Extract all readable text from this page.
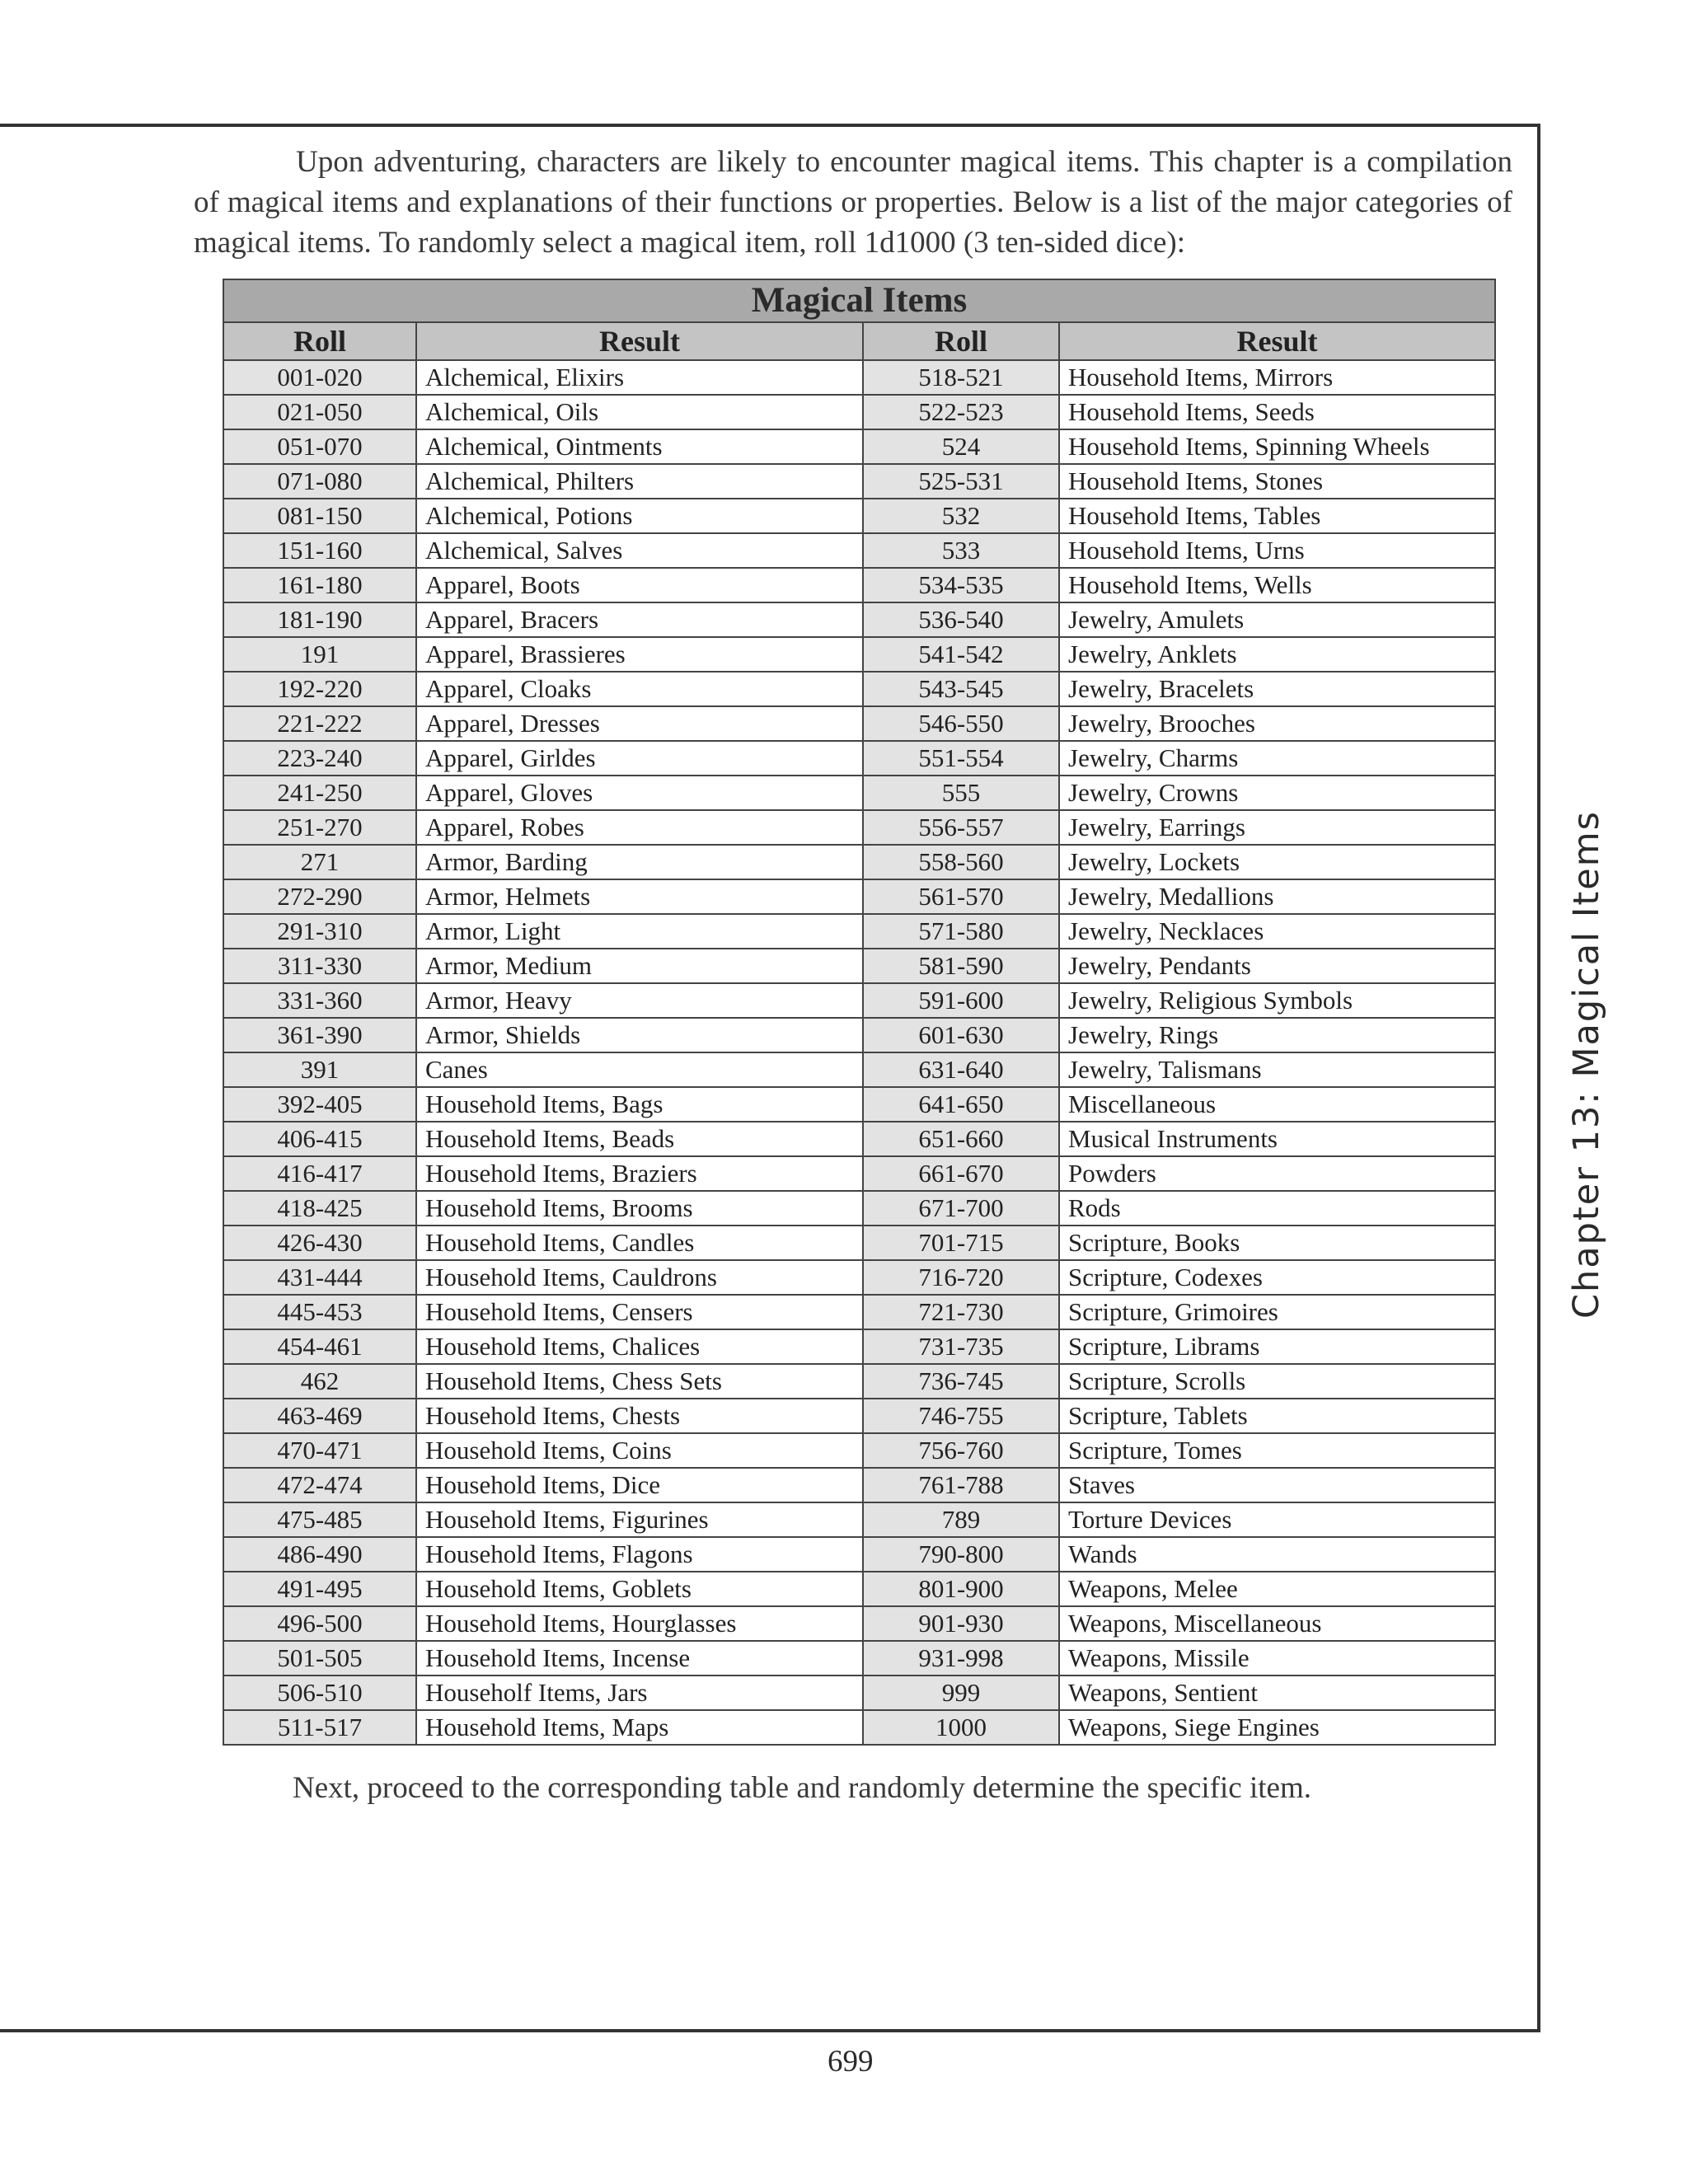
Upon adventuring, characters are likely to encounter magical items. This chapter is a compilation of magical items and explanations of their functions or properties. Below is a list of the major categories of magical items. To randomly select a magical item, roll 1d1000 (3 ten-sided dice):

Magical Items			
Roll	Result	Roll	Result
001-020	Alchemical, Elixirs	518-521	Household Items, Mirrors
021-050	Alchemical, Oils	522-523	Household Items, Seeds
051-070	Alchemical, Ointments	524	Household Items, Spinning Wheels
071-080	Alchemical, Philters	525-531	Household Items, Stones
081-150	Alchemical, Potions	532	Household Items, Tables
151-160	Alchemical, Salves	533	Household Items, Urns
161-180	Apparel, Boots	534-535	Household Items, Wells
181-190	Apparel, Bracers	536-540	Jewelry, Amulets
191	Apparel, Brassieres	541-542	Jewelry, Anklets
192-220	Apparel, Cloaks	543-545	Jewelry, Bracelets
221-222	Apparel, Dresses	546-550	Jewelry, Brooches
223-240	Apparel, Girldes	551-554	Jewelry, Charms
241-250	Apparel, Gloves	555	Jewelry, Crowns
251-270	Apparel, Robes	556-557	Jewelry, Earrings
271	Armor, Barding	558-560	Jewelry, Lockets
272-290	Armor, Helmets	561-570	Jewelry, Medallions
291-310	Armor, Light	571-580	Jewelry, Necklaces
311-330	Armor, Medium	581-590	Jewelry, Pendants
331-360	Armor, Heavy	591-600	Jewelry, Religious Symbols
361-390	Armor, Shields	601-630	Jewelry, Rings
391	Canes	631-640	Jewelry, Talismans
392-405	Household Items, Bags	641-650	Miscellaneous
406-415	Household Items, Beads	651-660	Musical Instruments
416-417	Household Items, Braziers	661-670	Powders
418-425	Household Items, Brooms	671-700	Rods
426-430	Household Items, Candles	701-715	Scripture, Books
431-444	Household Items, Cauldrons	716-720	Scripture, Codexes
445-453	Household Items, Censers	721-730	Scripture, Grimoires
454-461	Household Items, Chalices	731-735	Scripture, Librams
462	Household Items, Chess Sets	736-745	Scripture, Scrolls
463-469	Household Items, Chests	746-755	Scripture, Tablets
470-471	Household Items, Coins	756-760	Scripture, Tomes
472-474	Household Items, Dice	761-788	Staves
475-485	Household Items, Figurines	789	Torture Devices
486-490	Household Items, Flagons	790-800	Wands
491-495	Household Items, Goblets	801-900	Weapons, Melee
496-500	Household Items, Hourglasses	901-930	Weapons, Miscellaneous
501-505	Household Items, Incense	931-998	Weapons, Missile
506-510	Householf Items, Jars	999	Weapons, Sentient
511-517	Household Items, Maps	1000	Weapons, Siege Engines
Next, proceed to the corresponding table and randomly determine the specific item.
Chapter 13: Magical Items
699
